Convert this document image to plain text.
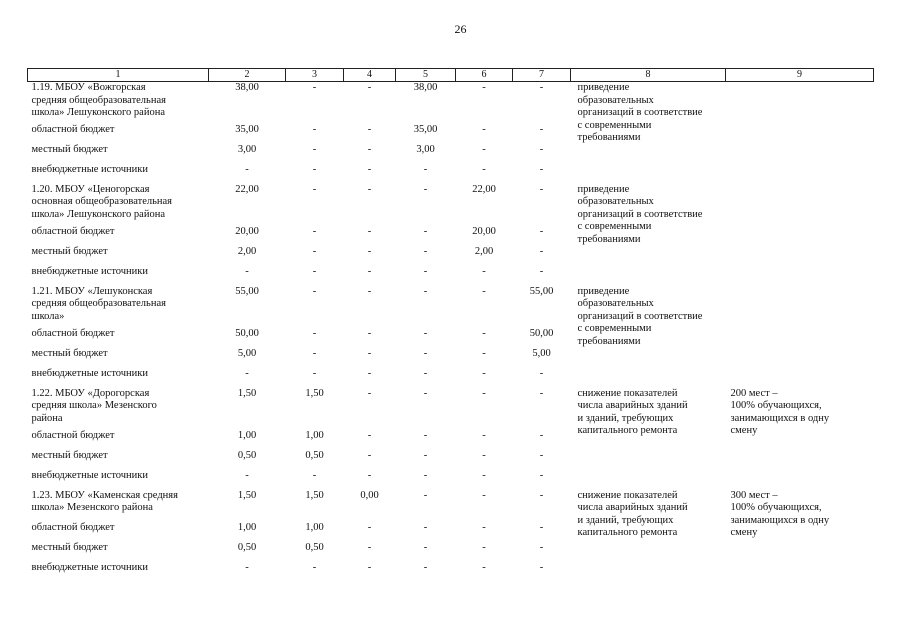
26
1	2	3	4	5	6	7	8	9
1.19. МБОУ «Вожгорская
средняя общеобразовательная
школа» Лешуконского района	38,00	-	-	38,00	-	-	приведение
образовательных
организаций в соответствие
с современными
требованиями	
областной бюджет	35,00	-	-	35,00	-	-		
местный бюджет	3,00	-	-	3,00	-	-		
внебюджетные источники	-	-	-	-	-	-		
1.20. МБОУ «Ценогорская
основная общеобразовательная
школа» Лешуконского района	22,00	-	-	-	22,00	-	приведение
образовательных
организаций в соответствие
с современными
требованиями	
областной бюджет	20,00	-	-	-	20,00	-		
местный бюджет	2,00	-	-	-	2,00	-		
внебюджетные источники	-	-	-	-	-	-		
1.21. МБОУ «Лешуконская
средняя общеобразовательная
школа»	55,00	-	-	-	-	55,00	приведение
образовательных
организаций в соответствие
с современными
требованиями	
областной бюджет	50,00	-	-	-	-	50,00		
местный бюджет	5,00	-	-	-	-	5,00		
внебюджетные источники	-	-	-	-	-	-		
1.22. МБОУ «Дорогорская
средняя школа» Мезенского
района	1,50	1,50	-	-	-	-	снижение показателей
числа аварийных зданий
и зданий, требующих
капитального ремонта	200 мест –
100% обучающихся,
занимающихся в одну
смену
областной бюджет	1,00	1,00	-	-	-	-		
местный бюджет	0,50	0,50	-	-	-	-		
внебюджетные источники	-	-	-	-	-	-		
1.23. МБОУ «Каменская средняя
школа» Мезенского района	1,50	1,50	0,00	-	-	-	снижение показателей
числа аварийных зданий
и зданий, требующих
капитального ремонта	300 мест –
100% обучающихся,
занимающихся в одну
смену
областной бюджет	1,00	1,00	-	-	-	-		
местный бюджет	0,50	0,50	-	-	-	-		
внебюджетные источники	-	-	-	-	-	-		
